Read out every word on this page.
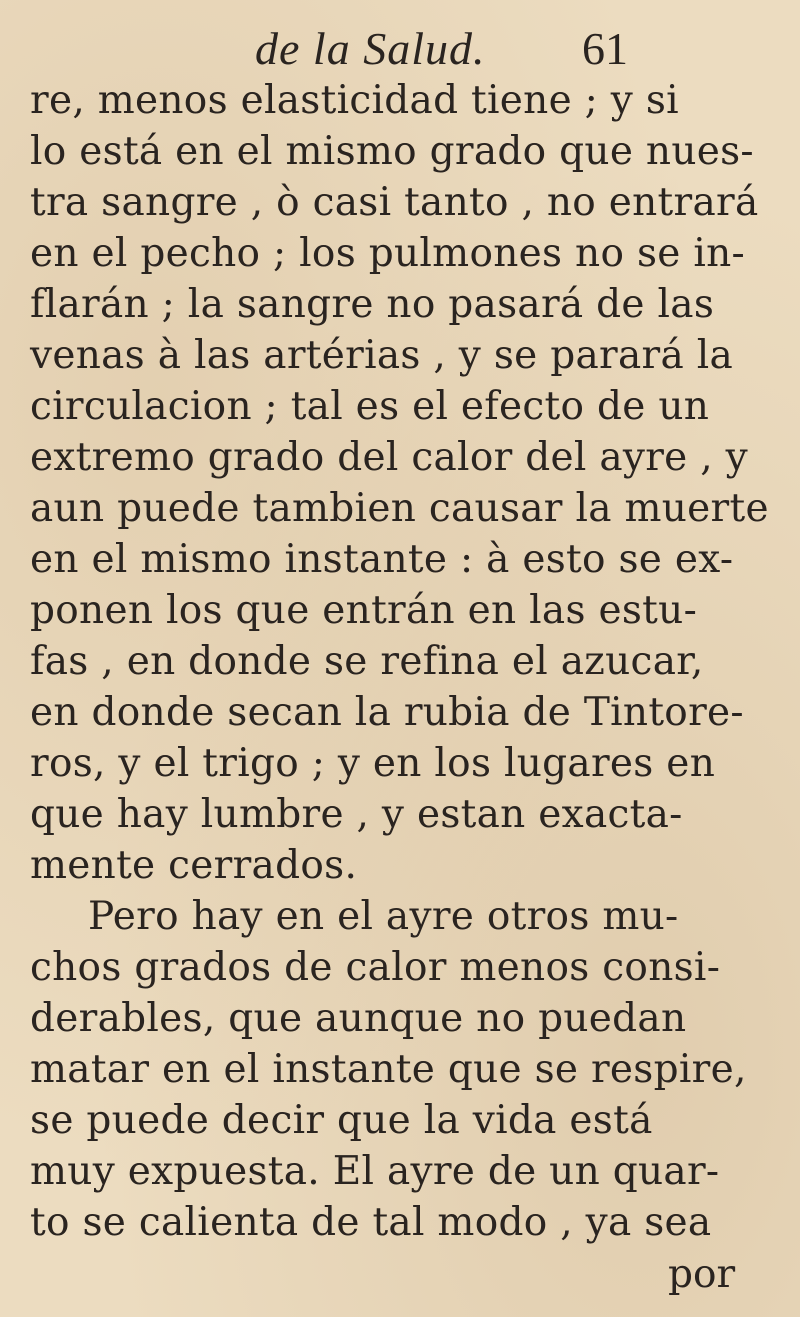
de la Salud. 61
re, menos elasticidad tiene ; y si
lo está en el mismo grado que nues-
tra sangre , ò casi tanto , no entrará
en el pecho ; los pulmones no se in-
flarán ; la sangre no pasará de las
venas à las artérias , y se parará la
circulacion ; tal es el efecto de un
extremo grado del calor del ayre , y
aun puede tambien causar la muerte
en el mismo instante : à esto se ex-
ponen los que entrán en las estu-
fas , en donde se refina el azucar,
en donde secan la rubia de Tintore-
ros, y el trigo ; y en los lugares en
que hay lumbre , y estan exacta-
mente cerrados.
Pero hay en el ayre otros mu-
chos grados de calor menos consi-
derables, que aunque no puedan
matar en el instante que se respire,
se puede decir que la vida está
muy expuesta. El ayre de un quar-
to se calienta de tal modo , ya sea
por
